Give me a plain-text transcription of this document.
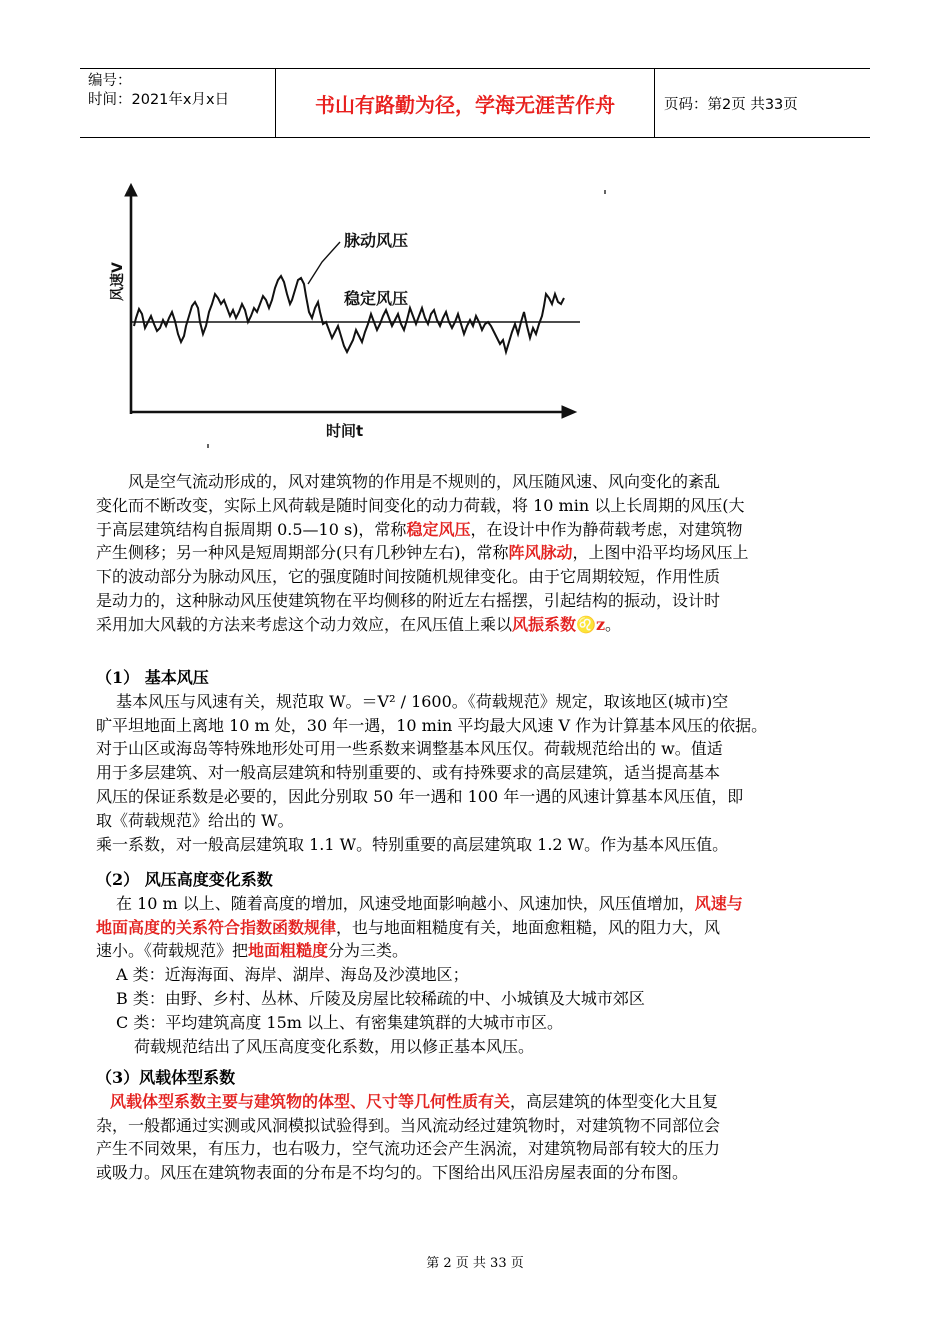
编号：
时间：2021年x月x日	书山有路勤为径，学海无涯苦作舟	页码：第2页 共33页
脉动风压
稳定风压
风速V
时间t
风是空气流动形成的，风对建筑物的作用是不规则的，风压随风速、风向变化的紊乱
变化而不断改变，实际上风荷载是随时间变化的动力荷载，将 10 min 以上长周期的风压(大
于高层建筑结构自振周期 0.5—10 s)，常称稳定风压，在设计中作为静荷载考虑，对建筑物
产生侧移；另一种风是短周期部分(只有几秒钟左右)，常称阵风脉动，上图中沿平均场风压上
下的波动部分为脉动风压，它的强度随时间按随机规律变化。由于它周期较短，作用性质
是动力的，这种脉动风压使建筑物在平均侧移的附近左右摇摆，引起结构的振动，设计时
采用加大风载的方法来考虑这个动力效应，在风压值上乘以风振系数♌z。
（1） 基本风压
基本风压与风速有关，规范取 W。＝V² / 1600。《荷载规范》规定，取该地区(城市)空
旷平坦地面上离地 10 m 处，30 年一遇，10 min 平均最大风速 V 作为计算基本风压的依据。
对于山区或海岛等特殊地形处可用一些系数来调整基本风压仅。荷载规范给出的 w。值适
用于多层建筑、对一般高层建筑和特别重要的、或有持殊要求的高层建筑，适当提高基本
风压的保证系数是必要的，因此分别取 50 年一遇和 100 年一遇的风速计算基本风压值，即
取《荷载规范》给出的 W。
乘一系数，对一般高层建筑取 1.1 W。特别重要的高层建筑取 1.2 W。作为基本风压值。
（2） 风压高度变化系数
在 10 m 以上、随着高度的增加，风速受地面影响越小、风速加快，风压值增加，风速与
地面高度的关系符合指数函数规律，也与地面粗糙度有关，地面愈粗糙，风的阻力大，风
速小。《荷载规范》把地面粗糙度分为三类。
A 类：近海海面、海岸、湖岸、海岛及沙漠地区；
B 类：由野、乡村、丛林、斤陵及房屋比较稀疏的中、小城镇及大城市郊区
C 类：平均建筑高度 15m 以上、有密集建筑群的大城市市区。
荷载规范结出了风压高度变化系数，用以修正基本风压。
（3）风载体型系数
风载体型系数主要与建筑物的体型、尺寸等几何性质有关，高层建筑的体型变化大且复
杂，一般都通过实测或风洞模拟试验得到。当风流动经过建筑物时，对建筑物不同部位会
产生不同效果，有压力，也右吸力，空气流功还会产生涡流，对建筑物局部有较大的压力
或吸力。风压在建筑物表面的分布是不均匀的。下图给出风压沿房屋表面的分布图。
第 2 页 共 33 页
